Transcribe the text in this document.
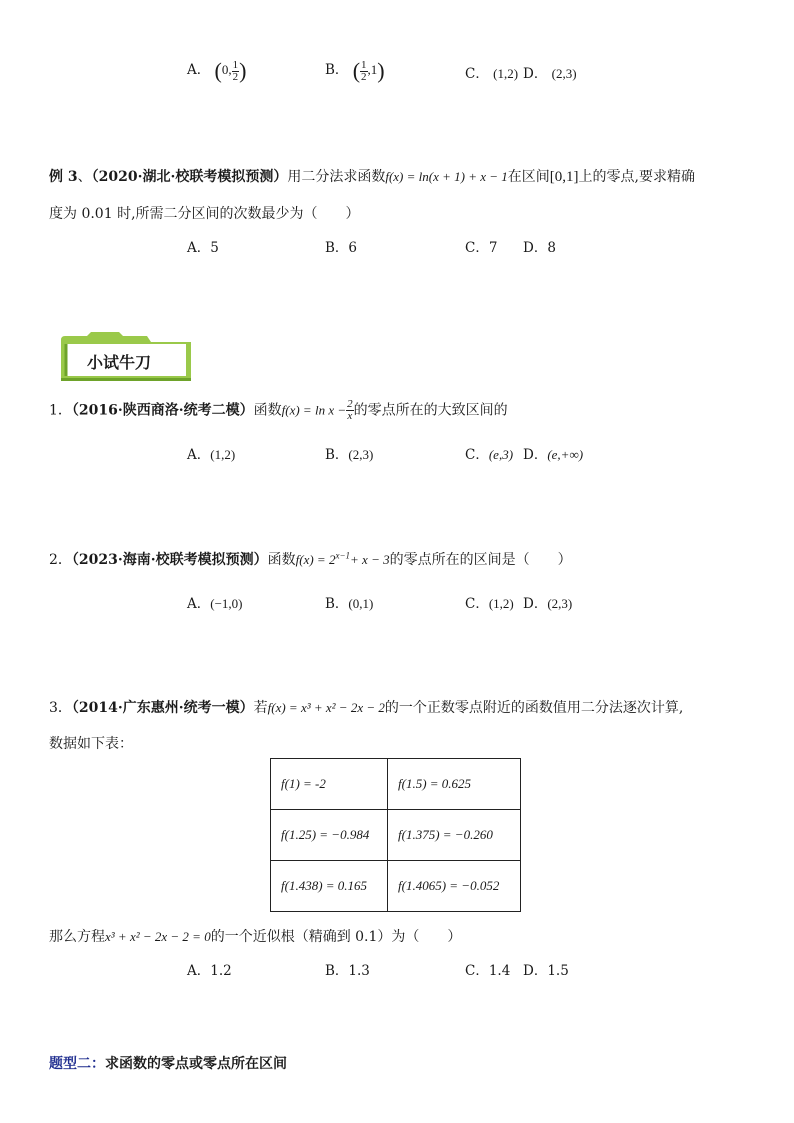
A． (0, $\frac{1}{2}$ )	B． ( $\frac{1}{2} ,1$)	C． (1,2) D． (2,3)
例 3、（2020·湖北·校联考模拟预测）用二分法求函数f(x) = ln(x + 1) + x − 1在区间[0,1]上的零点,要求精确
度为 0.01 时,所需二分区间的次数最少为（　　）
A．5	B．6	C．7 D．8
小试牛刀
1．（2016·陕西商洛·统考二模）函数$f(x) = \ln x - \frac{2}{x}$ 的零点所在的大致区间的
A．(1,2)	B．(2,3)	C．(e,3) D．(e,+∞)
2．（2023·海南·校联考模拟预测）函数$f(x) = 2^{x-1}+ x - 3$的零点所在的区间是（　　）
A．(−1,0)	B．(0,1)	C．(1,2) D．(2,3)
3．（2014·广东惠州·统考一模）若f(x) = x³ + x² − 2x − 2的一个正数零点附近的函数值用二分法逐次计算,
数据如下表：
f(1) = -2	f(1.5) = 0.625
f(1.25) = −0.984	f(1.375) = −0.260
f(1.438) = 0.165	f(1.4065) = −0.052
那么方程x³ + x² − 2x − 2 = 0的一个近似根（精确到 0.1）为（　　）
A．1.2	B．1.3	C．1.4 D．1.5
题型二：求函数的零点或零点所在区间
